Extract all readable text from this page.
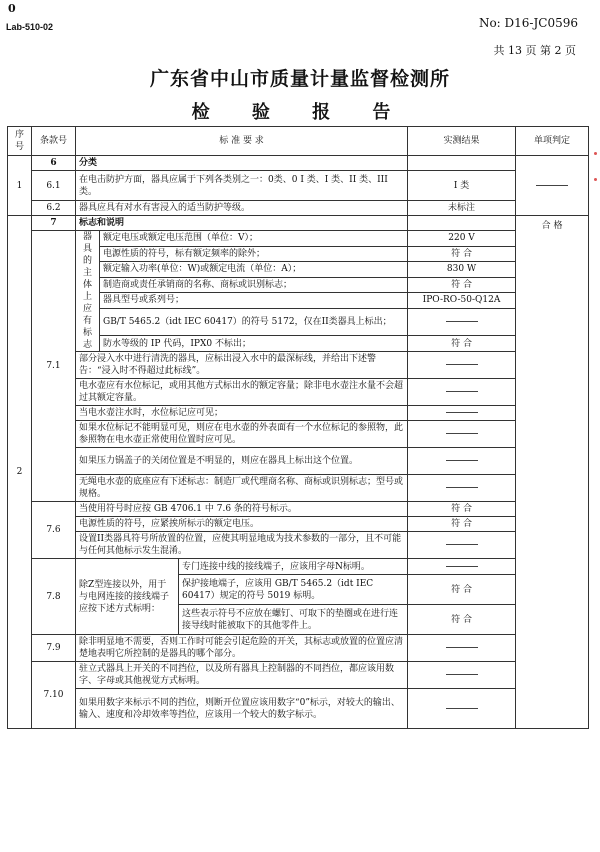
0
Lab-510-02	No: D16-JC0596
共 13 页 第 2 页
广东省中山市质量计量监督检测所
检 验 报 告
序号	条款号	标 准 要 求			实测结果	单项判定
1	6	分类				
	6.1	在电击防护方面，器具应属于下列各类别之一：0类、0 I 类、I 类、II 类、III类。			I 类	
	6.2	器具应具有对水有害浸入的适当防护等级。			未标注	
2	7	标志和说明				合 格
	7.1	器具的主体上应有标志	额定电压或额定电压范围（单位：V）；		220 V	
			电源性质的符号，标有额定频率的除外；		符 合	
			额定输入功率(单位：W)或额定电流（单位：A）；		830 W	
			制造商或责任承销商的名称、商标或识别标志；		符 合	
			器具型号或系列号；		IPO-RO-50-Q12A	
			GB/T 5465.2（idt IEC 60417）的符号 5172，仅在II类器具上标出；			
			防水等级的 IP 代码，IPX0 不标出；		符 合	
		部分浸入水中进行清洗的器具，应标出浸入水中的最深标线，并给出下述警告：“浸入时不得超过此标线”。				
		电水壶应有水位标记，或用其他方式标出水的额定容量；除非电水壶注水量不会超过其额定容量。				
		当电水壶注水时，水位标记应可见；				
		如果水位标记不能明显可见，则应在电水壶的外表面有一个水位标记的参照物，此参照物在电水壶正常使用位置时应可见。				
		如果压力锅盖子的关闭位置是不明显的，则应在器具上标出这个位置。				
		无绳电水壶的底座应有下述标志：制造厂或代理商名称、商标或识别标志；型号或规格。				
	7.6	当使用符号时应按 GB 4706.1 中 7.6 条的符号标示。			符 合	
		电源性质的符号，应紧挨所标示的额定电压。			符 合	
		设置II类器具符号所放置的位置，应使其明显地成为技术参数的一部分，且不可能与任何其他标示发生混淆。				
	7.8	除Z型连接以外，用于与电网连接的接线端子应按下述方式标明：		专门连接中线的接线端子，应该用字母N标明。		
				保护接地端子，应该用 GB/T 5465.2（idt IEC 60417）规定的符号 5019 标明。	符 合	
				这些表示符号不应放在螺钉、可取下的垫圈或在进行连接导线时能被取下的其他零件上。	符 合	
	7.9	除非明显地不需要，否则工作时可能会引起危险的开关，其标志或放置的位置应清楚地表明它所控制的是器具的哪个部分。				
	7.10	驻立式器具上开关的不同挡位，以及所有器具上控制器的不同挡位，都应该用数字、字母或其他视觉方式标明。				
		如果用数字来标示不同的挡位，则断开位置应该用数字“0”标示，对较大的输出、输入、速度和冷却效率等挡位，应该用一个较大的数字标示。				
